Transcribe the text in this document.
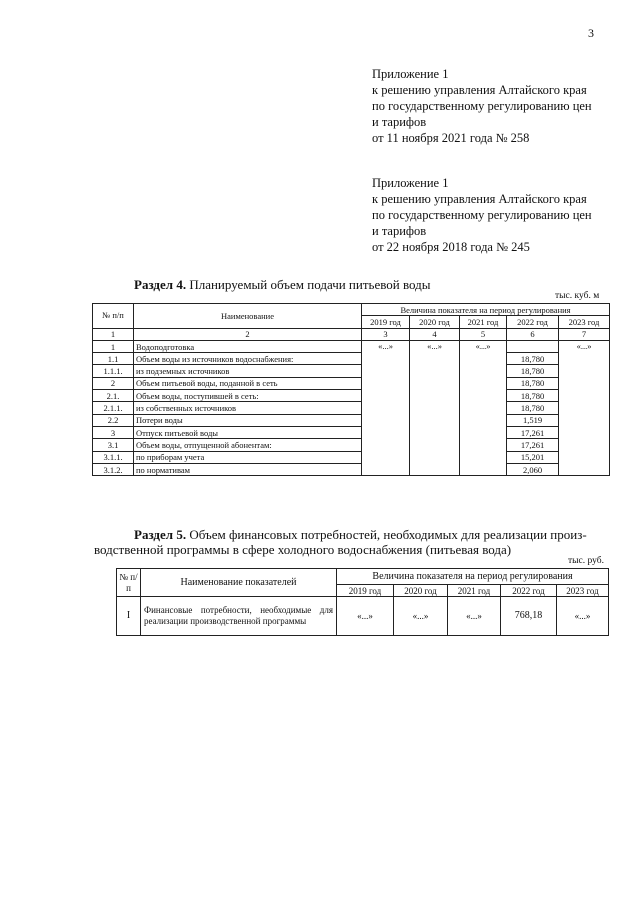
3
Приложение 1
к решению управления Алтайского края
по государственному регулированию цен
и тарифов
от 11 ноября 2021 года № 258
Приложение 1
к решению управления Алтайского края
по государственному регулированию цен
и тарифов
от 22 ноября 2018 года № 245
Раздел 4. Планируемый объем подачи питьевой воды
тыс. куб. м
№ п/п	Наименование	Величина показателя на период регулирования				
		2019 год	2020 год	2021 год	2022 год	2023 год
1	2	3	4	5	6	7
1	Водоподготовка	«...»	«...»	«...»		«...»
1.1	Объем воды из источников водоснабжения:				18,780	
1.1.1.	из подземных источников				18,780	
2	Объем питьевой воды, поданной в сеть				18,780	
2.1.	Объем воды, поступившей в сеть:				18,780	
2.1.1.	из собственных источников				18,780	
2.2	Потери воды				1,519	
3	Отпуск питьевой воды				17,261	
3.1	Объем воды, отпущенной абонентам:				17,261	
3.1.1.	по приборам учета				15,201	
3.1.2.	по нормативам				2,060	
Раздел 5. Объем финансовых потребностей, необходимых для реализации произ-
водственной программы в сфере холодного водоснабжения (питьевая вода)
тыс. руб.
№ п/п	Наименование показателей	Величина показателя на период регулирования				
		2019 год	2020 год	2021 год	2022 год	2023 год
I	Финансовые потребности, необходимые для реализации производственной программы	«...»	«...»	«...»	768,18	«...»
